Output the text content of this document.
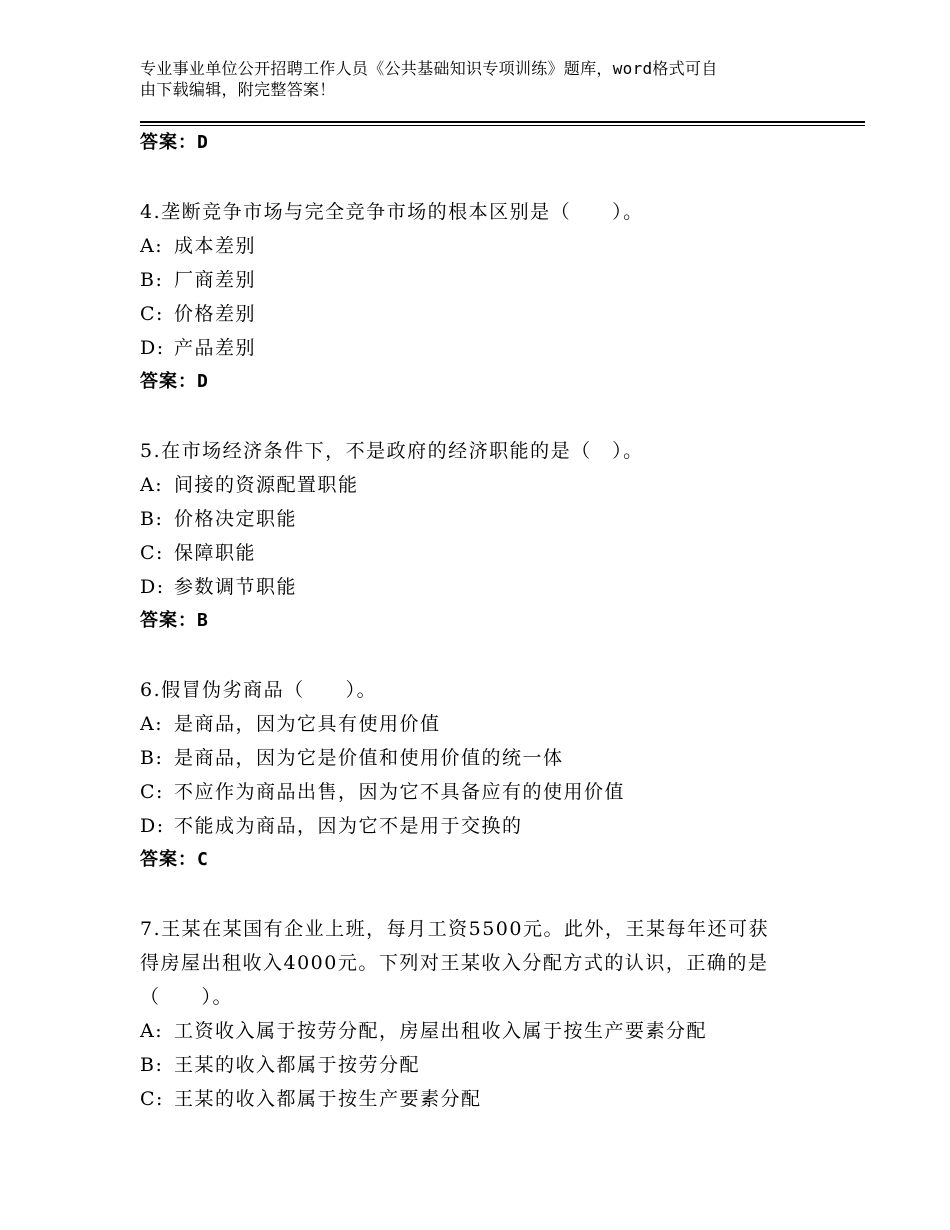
专业事业单位公开招聘工作人员《公共基础知识专项训练》题库，word格式可自
由下载编辑，附完整答案！
答案：D
4.垄断竞争市场与完全竞争市场的根本区别是（　　）。
A: 成本差别
B: 厂商差别
C: 价格差别
D: 产品差别
答案：D
5.在市场经济条件下，不是政府的经济职能的是（　）。
A: 间接的资源配置职能
B: 价格决定职能
C: 保障职能
D: 参数调节职能
答案：B
6.假冒伪劣商品（　　）。
A: 是商品，因为它具有使用价值
B: 是商品，因为它是价值和使用价值的统一体
C: 不应作为商品出售，因为它不具备应有的使用价值
D: 不能成为商品，因为它不是用于交换的
答案：C
7.王某在某国有企业上班，每月工资5500元。此外，王某每年还可获
得房屋出租收入4000元。下列对王某收入分配方式的认识，正确的是
（　　）。
A: 工资收入属于按劳分配，房屋出租收入属于按生产要素分配
B: 王某的收入都属于按劳分配
C: 王某的收入都属于按生产要素分配
